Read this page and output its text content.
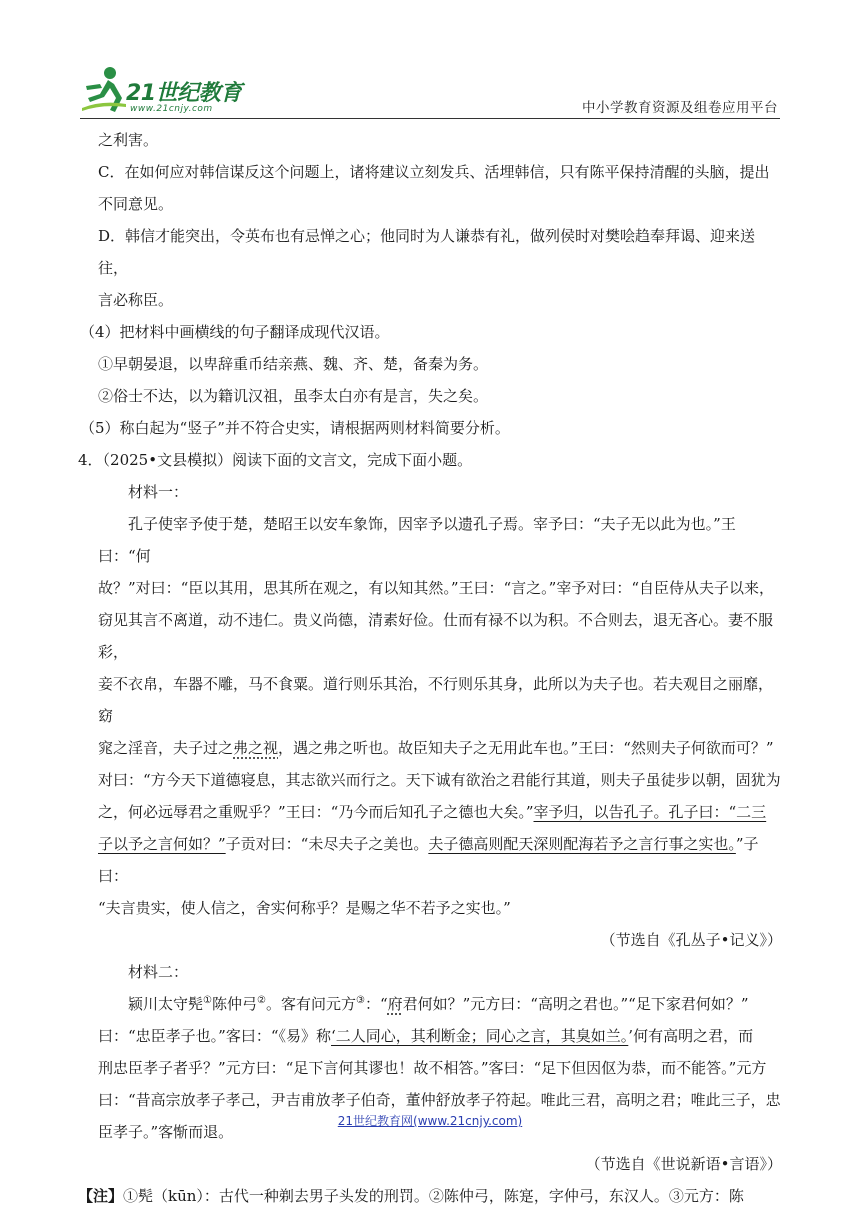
21世纪教育
www.21cnjy.com	中小学教育资源及组卷应用平台

之利害。

C．在如何应对韩信谋反这个问题上，诸将建议立刻发兵、活埋韩信，只有陈平保持清醒的头脑，提出

不同意见。

D．韩信才能突出，令英布也有忌惮之心；他同时为人谦恭有礼，做列侯时对樊哙趋奉拜谒、迎来送往，

言必称臣。

（4）把材料中画横线的句子翻译成现代汉语。

①早朝晏退，以卑辞重币结亲燕、魏、齐、楚，备秦为务。

②俗士不达，以为籍讥汉祖，虽李太白亦有是言，失之矣。

（5）称白起为“竖子”并不符合史实，请根据两则材料简要分析。

4．（2025•文县模拟）阅读下面的文言文，完成下面小题。

材料一：

孔子使宰予使于楚，楚昭王以安车象饰，因宰予以遗孔子焉。宰予曰：“夫子无以此为也。”王曰：“何

故？”对曰：“臣以其用，思其所在观之，有以知其然。”王曰：“言之。”宰予对曰：“自臣侍从夫子以来，

窃见其言不离道，动不违仁。贵义尚德，清素好俭。仕而有禄不以为积。不合则去，退无吝心。妻不服彩，

妾不衣帛，车器不雕，马不食粟。道行则乐其治，不行则乐其身，此所以为夫子也。若夫观目之丽靡，窈

窕之淫音，夫子过之弗之视，遇之弗之听也。故臣知夫子之无用此车也。”王曰：“然则夫子何欲而可？”

对曰：“方今天下道德寝息，其志欲兴而行之。天下诚有欲治之君能行其道，则夫子虽徒步以朝，固犹为

之，何必远辱君之重贶乎？”王曰：“乃今而后知孔子之德也大矣。”宰予归，以告孔子。孔子曰：“二三

子以予之言何如？”子贡对曰：“未尽夫子之美也。夫子德高则配天深则配海若予之言行事之实也。”子曰：

“夫言贵实，使人信之，舍实何称乎？是赐之华不若予之实也。”

（节选自《孔丛子•记义》）

材料二：

颍川太守髡①陈仲弓②。客有问元方③：“府君何如？”元方曰：“高明之君也。”“足下家君何如？”

曰：“忠臣孝子也。”客曰：“《易》称‘二人同心，其利断金；同心之言，其臭如兰。’何有高明之君，而

刑忠臣孝子者乎？”元方曰：“足下言何其谬也！故不相答。”客曰：“足下但因伛为恭，而不能答。”元方

曰：“昔高宗放孝子孝己，尹吉甫放孝子伯奇，董仲舒放孝子符起。唯此三君，高明之君；唯此三子，忠

臣孝子。”客惭而退。

（节选自《世说新语•言语》）

【注】①髡（kūn）：古代一种剃去男子头发的刑罚。②陈仲弓，陈寔，字仲弓，东汉人。③元方：陈

21世纪教育网(www.21cnjy.com)
